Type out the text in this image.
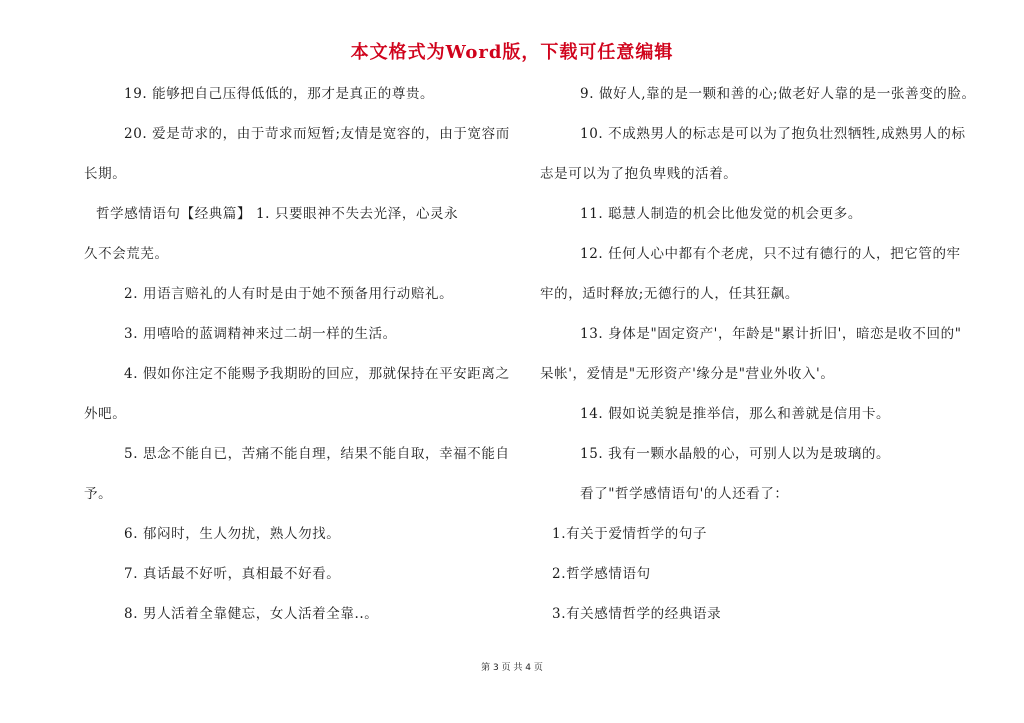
本文格式为Word版，下载可任意编辑
19. 能够把自己压得低低的，那才是真正的尊贵。
20. 爱是苛求的，由于苛求而短暂;友情是宽容的，由于宽容而
长期。
哲学感情语句【经典篇】 1. 只要眼神不失去光泽，心灵永
久不会荒芜。
2. 用语言赔礼的人有时是由于她不预备用行动赔礼。
3. 用嘻哈的蓝调精神来过二胡一样的生活。
4. 假如你注定不能赐予我期盼的回应，那就保持在平安距离之
外吧。
5. 思念不能自已，苦痛不能自理，结果不能自取，幸福不能自
予。
6. 郁闷时，生人勿扰，熟人勿找。
7. 真话最不好听，真相最不好看。
8. 男人活着全靠健忘，女人活着全靠..。
9. 做好人,靠的是一颗和善的心;做老好人靠的是一张善变的脸。
10. 不成熟男人的标志是可以为了抱负壮烈牺牲,成熟男人的标
志是可以为了抱负卑贱的活着。
11. 聪慧人制造的机会比他发觉的机会更多。
12. 任何人心中都有个老虎，只不过有德行的人，把它管的牢
牢的，适时释放;无德行的人，任其狂飙。
13. 身体是"固定资产'，年龄是"累计折旧'，暗恋是收不回的"
呆帐'，爱情是"无形资产'缘分是"营业外收入'。
14. 假如说美貌是推举信，那么和善就是信用卡。
15. 我有一颗水晶般的心，可别人以为是玻璃的。
看了"哲学感情语句'的人还看了：
1.有关于爱情哲学的句子
2.哲学感情语句
3.有关感情哲学的经典语录
第 3 页 共 4 页
